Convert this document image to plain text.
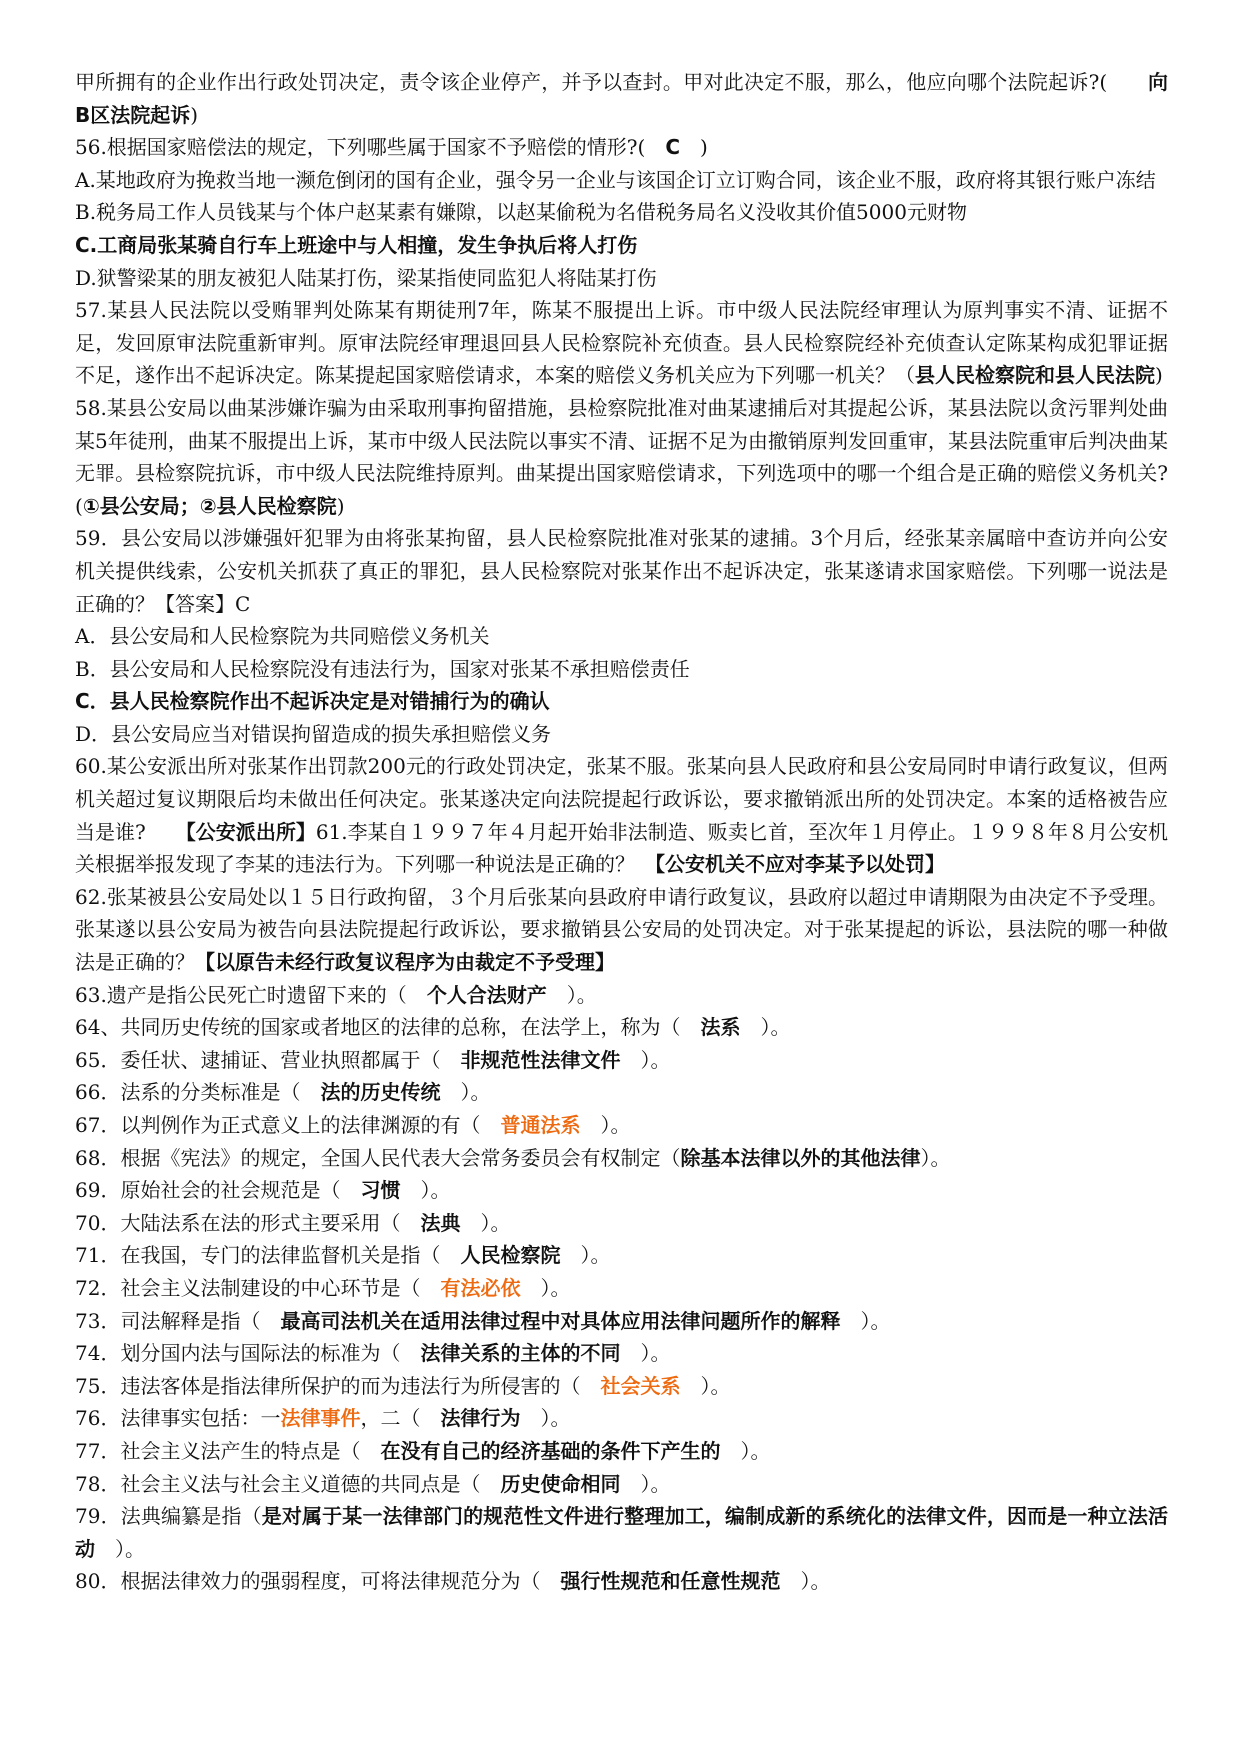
甲所拥有的企业作出行政处罚决定，责令该企业停产，并予以查封。甲对此决定不服，那么，他应向哪个法院起诉?(　　向B区法院起诉)

56.根据国家赔偿法的规定，下列哪些属于国家不予赔偿的情形?(　C　)

A.某地政府为挽救当地一濒危倒闭的国有企业，强令另一企业与该国企订立订购合同，该企业不服，政府将其银行账户冻结

B.税务局工作人员钱某与个体户赵某素有嫌隙，以赵某偷税为名借税务局名义没收其价值5000元财物

C.工商局张某骑自行车上班途中与人相撞，发生争执后将人打伤

D.狱警梁某的朋友被犯人陆某打伤，梁某指使同监犯人将陆某打伤

57.某县人民法院以受贿罪判处陈某有期徒刑7年，陈某不服提出上诉。市中级人民法院经审理认为原判事实不清、证据不足，发回原审法院重新审判。原审法院经审理退回县人民检察院补充侦查。县人民检察院经补充侦查认定陈某构成犯罪证据不足，遂作出不起诉决定。陈某提起国家赔偿请求，本案的赔偿义务机关应为下列哪一机关？（县人民检察院和县人民法院)

58.某县公安局以曲某涉嫌诈骗为由采取刑事拘留措施，县检察院批准对曲某逮捕后对其提起公诉，某县法院以贪污罪判处曲某5年徒刑，曲某不服提出上诉，某市中级人民法院以事实不清、证据不足为由撤销原判发回重审，某县法院重审后判决曲某无罪。县检察院抗诉，市中级人民法院维持原判。曲某提出国家赔偿请求，下列选项中的哪一个组合是正确的赔偿义务机关?(①县公安局；②县人民检察院)

59．县公安局以涉嫌强奸犯罪为由将张某拘留，县人民检察院批准对张某的逮捕。3个月后，经张某亲属暗中查访并向公安机关提供线索，公安机关抓获了真正的罪犯，县人民检察院对张某作出不起诉决定，张某遂请求国家赔偿。下列哪一说法是正确的？【答案】C

A．县公安局和人民检察院为共同赔偿义务机关

B．县公安局和人民检察院没有违法行为，国家对张某不承担赔偿责任

C．县人民检察院作出不起诉决定是对错捕行为的确认

D．县公安局应当对错误拘留造成的损失承担赔偿义务

60.某公安派出所对张某作出罚款200元的行政处罚决定，张某不服。张某向县人民政府和县公安局同时申请行政复议，但两机关超过复议期限后均未做出任何决定。张某遂决定向法院提起行政诉讼，要求撤销派出所的处罚决定。本案的适格被告应当是谁?　　【公安派出所】61.李某自１９９７年４月起开始非法制造、贩卖匕首，至次年１月停止。１９９８年８月公安机关根据举报发现了李某的违法行为。下列哪一种说法是正确的？　【公安机关不应对李某予以处罚】

62.张某被县公安局处以１５日行政拘留，３个月后张某向县政府申请行政复议，县政府以超过申请期限为由决定不予受理。张某遂以县公安局为被告向县法院提起行政诉讼，要求撤销县公安局的处罚决定。对于张某提起的诉讼，县法院的哪一种做法是正确的？【以原告未经行政复议程序为由裁定不予受理】

63.遗产是指公民死亡时遗留下来的（　个人合法财产　）。

64、共同历史传统的国家或者地区的法律的总称，在法学上，称为（　法系　）。

65．委任状、逮捕证、营业执照都属于（　非规范性法律文件　）。

66．法系的分类标准是（　法的历史传统　）。

67．以判例作为正式意义上的法律渊源的有（　普通法系　）。

68．根据《宪法》的规定，全国人民代表大会常务委员会有权制定（除基本法律以外的其他法律）。

69．原始社会的社会规范是（　习惯　）。

70．大陆法系在法的形式主要采用（　法典　）。

71．在我国，专门的法律监督机关是指（　人民检察院　）。

72．社会主义法制建设的中心环节是（　有法必依　）。

73．司法解释是指（　最高司法机关在适用法律过程中对具体应用法律问题所作的解释　）。

74．划分国内法与国际法的标准为（　法律关系的主体的不同　）。

75．违法客体是指法律所保护的而为违法行为所侵害的（　社会关系　）。

76．法律事实包括：一法律事件，二（　法律行为　）。

77．社会主义法产生的特点是（　在没有自己的经济基础的条件下产生的　）。

78．社会主义法与社会主义道德的共同点是（　历史使命相同　）。

79．法典编纂是指（是对属于某一法律部门的规范性文件进行整理加工，编制成新的系统化的法律文件，因而是一种立法活动　）。

80．根据法律效力的强弱程度，可将法律规范分为（　强行性规范和任意性规范　）。
